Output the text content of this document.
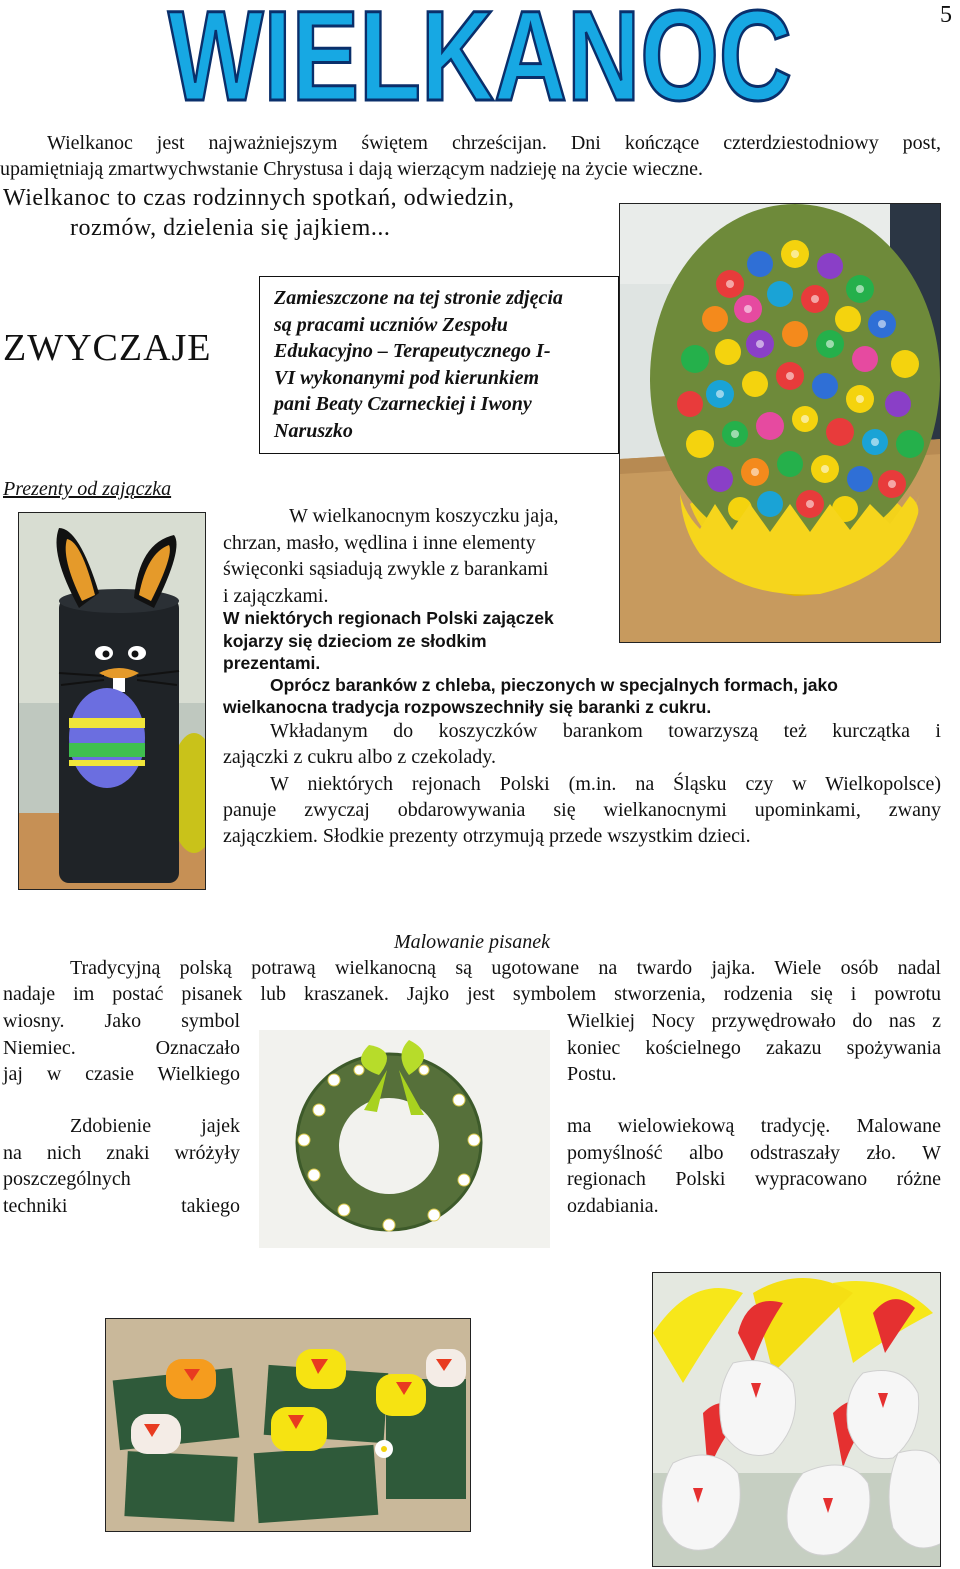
5
WIELKANOC
Wielkanoc jest najważniejszym świętem chrześcijan. Dni kończące czterdziestodniowy post,
upamiętniają zmartwychwstanie Chrystusa i dają wierzącym nadzieję na życie wieczne.
Wielkanoc to czas rodzinnych spotkań, odwiedzin,
rozmów, dzielenia się jajkiem...
ZWYCZAJE
Zamieszczone na tej stronie zdjęcia
są pracami uczniów Zespołu
Edukacyjno – Terapeutycznego I-
VI wykonanymi pod kierunkiem
pani Beaty Czarneckiej i Iwony
Naruszko
Prezenty od zajączka
W wielkanocnym koszyczku jaja,
chrzan, masło, wędlina i inne elementy
święconki sąsiadują zwykle z barankami
i zajączkami.
W niektórych regionach Polski zajączek
kojarzy się dzieciom ze słodkim
prezentami.
Oprócz baranków z chleba, pieczonych w specjalnych formach, jako
wielkanocna tradycja rozpowszechniły się baranki z cukru.
Wkładanym do koszyczków barankom towarzyszą też kurczątka i
zajączki z cukru albo z czekolady.
W niektórych rejonach Polski (m.in. na Śląsku czy w Wielkopolsce)
panuje zwyczaj obdarowywania się wielkanocnymi upominkami, zwany
zajączkiem. Słodkie prezenty otrzymują przede wszystkim dzieci.
Malowanie pisanek
Tradycyjną polską potrawą wielkanocną są ugotowane na twardo jajka. Wiele osób nadal
nadaje im postać pisanek lub kraszanek. Jajko jest symbolem stworzenia, rodzenia się i powrotu
wiosny. Jako symbol
Niemiec. Oznaczało
jaj w czasie Wielkiego
Wielkiej Nocy przywędrowało do nas z
koniec kościelnego zakazu spożywania
Postu.
Zdobienie jajek
na nich znaki wróżyły
poszczególnych
techniki takiego
ma wielowiekową tradycję. Malowane
pomyślność albo odstraszały zło. W
regionach Polski wypracowano różne
ozdabiania.
